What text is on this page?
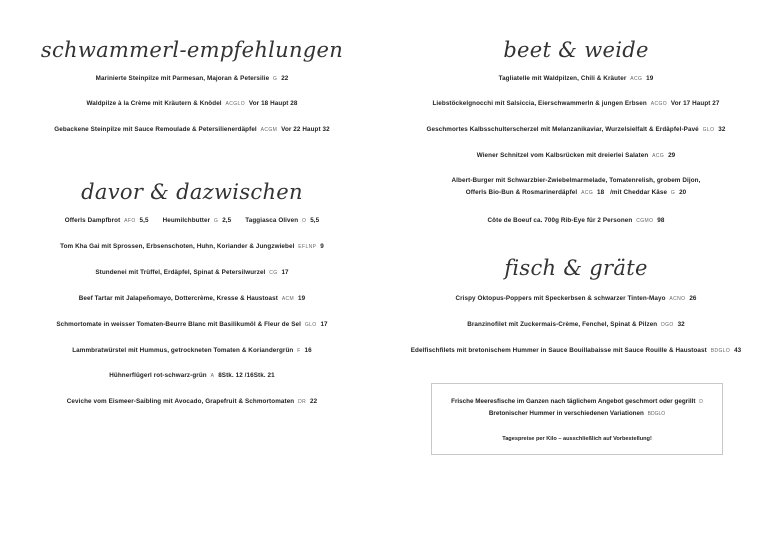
schwammerl-empfehlungen
Marinierte Steinpilze mit Parmesan, Majoran & Petersilie G 22
Waldpilze à la Crème mit Kräutern & Knödel ACGLO Vor 18 Haupt 28
Gebackene Steinpilze mit Sauce Remoulade & Petersilienerdäpfel ACGM Vor 22 Haupt 32
davor & dazwischen
Offerls Dampfbrot AFO 5,5 Heumilchbutter G 2,5 Taggiasca Oliven O 5,5
Tom Kha Gai mit Sprossen, Erbsenschoten, Huhn, Koriander & Jungzwiebel EFLNP 9
Stundenei mit Trüffel, Erdäpfel, Spinat & Petersilwurzel CG 17
Beef Tartar mit Jalapeñomayo, Dottercrème, Kresse & Haustoast ACM 19
Schmortomate in weisser Tomaten-Beurre Blanc mit Basilikumöl & Fleur de Sel GLO 17
Lammbratwürstel mit Hummus, getrockneten Tomaten & Koriandergrün F 16
Hühnerflügerl rot-schwarz-grün A 8Stk. 12 /16Stk. 21
Ceviche vom Eismeer-Saibling mit Avocado, Grapefruit & Schmortomaten DR 22
beet & weide
Tagliatelle mit Waldpilzen, Chili & Kräuter ACG 19
Liebstöckelgnocchi mit Salsiccia, Eierschwammerln & jungen Erbsen ACGO Vor 17 Haupt 27
Geschmortes Kalbsschulterscherzel mit Melanzanikaviar, Wurzelsielfalt & Erdäpfel-Pavé GLO 32
Wiener Schnitzel vom Kalbsrücken mit dreierlei Salaten ACG 29
Albert-Burger mit Schwarzbier-Zwiebelmarmelade, Tomatenrelish, grobem Dijon,
Offerls Bio-Bun & Rosmarinerdäpfel ACG 18 /mit Cheddar Käse G 20
Côte de Boeuf ca. 700g Rib-Eye für 2 Personen CGMO 98
fisch & gräte
Crispy Oktopus-Poppers mit Speckerbsen & schwarzer Tinten-Mayo ACNO 26
Branzinofilet mit Zuckermais-Crème, Fenchel, Spinat & Pilzen DGO 32
Edelfischfilets mit bretonischem Hummer in Sauce Bouillabaisse mit Sauce Rouille & Haustoast BDGLO 43
Frische Meeresfische im Ganzen nach täglichem Angebot geschmort oder gegrillt D
Bretonischer Hummer in verschiedenen Variationen BDGLO
Tagespreise per Kilo – ausschließlich auf Vorbestellung!
